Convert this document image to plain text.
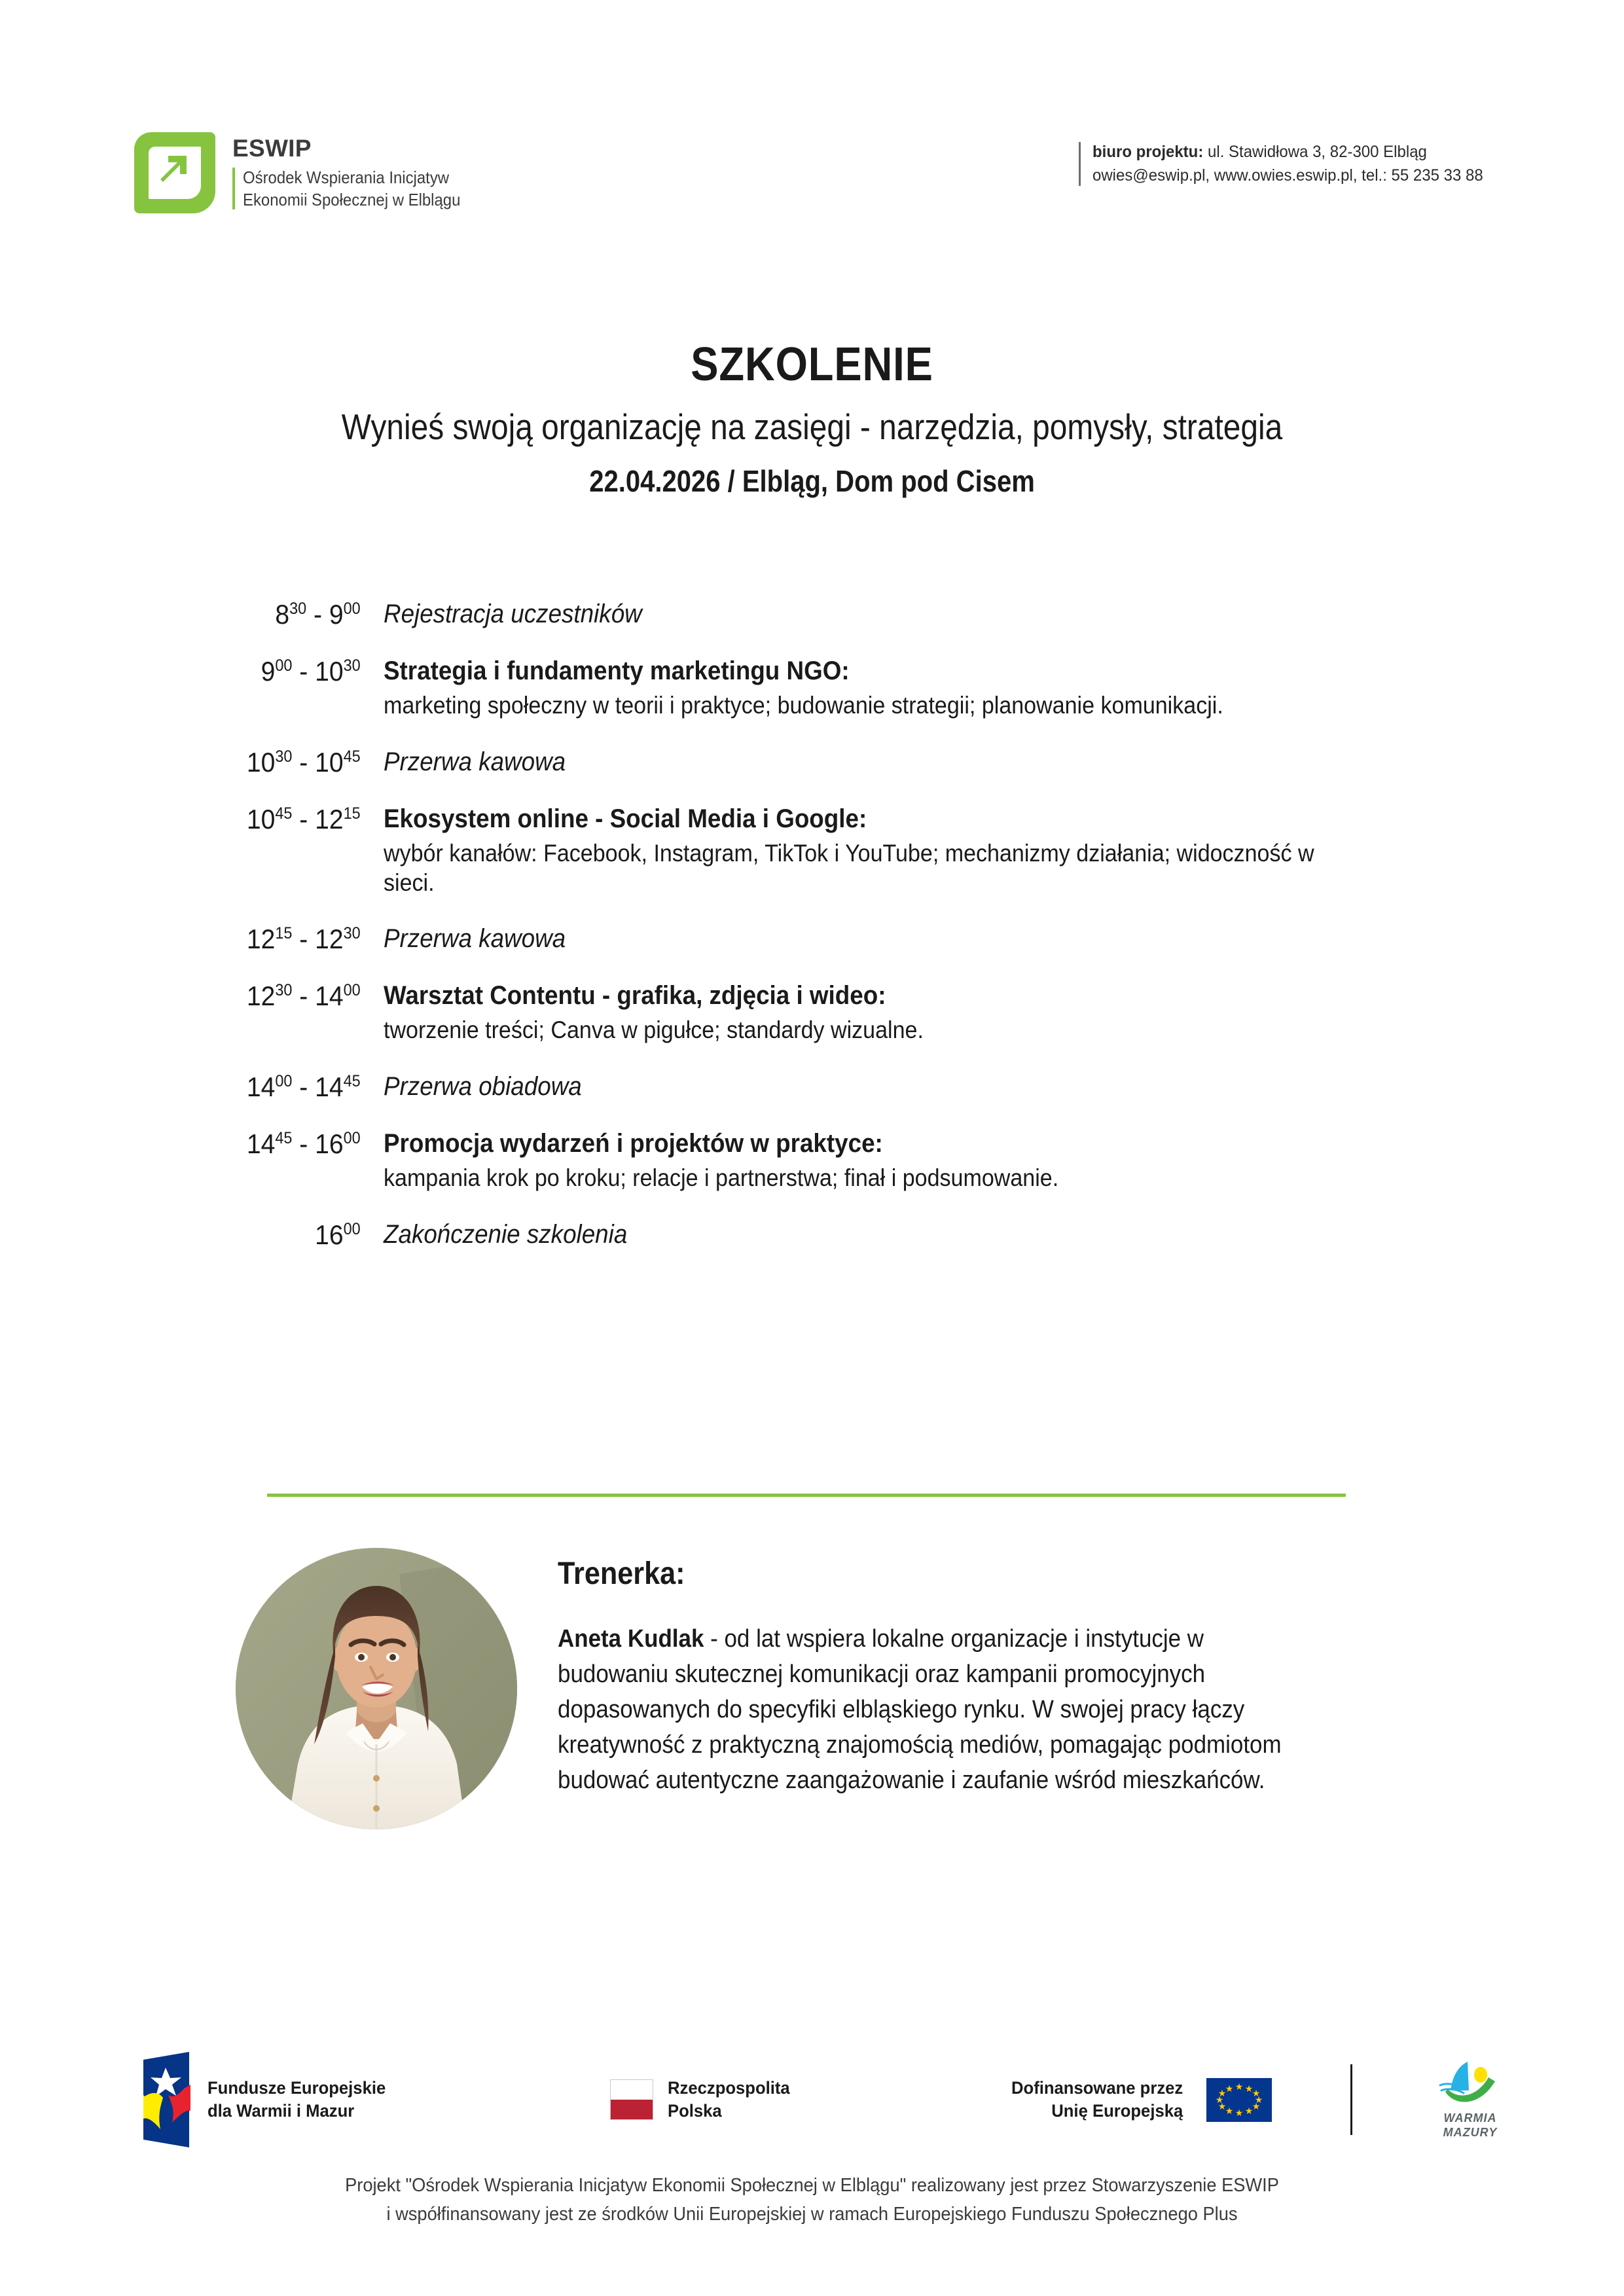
ESWIP
Ośrodek Wspierania Inicjatyw
Ekonomii Społecznej w Elblągu
biuro projektu: ul. Stawidłowa 3, 82-300 Elbląg
owies@eswip.pl, www.owies.eswip.pl, tel.: 55 235 33 88
SZKOLENIE
Wynieś swoją organizację na zasięgi - narzędzia, pomysły, strategia
22.04.2026 / Elbląg, Dom pod Cisem
$8^{30} - 9^{00}$ Rejestracja uczestników
$9^{00} - 10^{30}$ Strategia i fundamenty marketingu NGO:
marketing społeczny w teorii i praktyce; budowanie strategii; planowanie komunikacji.
$10^{30} - 10^{45}$ Przerwa kawowa
$10^{45} - 12^{15}$ Ekosystem online - Social Media i Google:
wybór kanałów: Facebook, Instagram, TikTok i YouTube; mechanizmy działania; widoczność w sieci.
$12^{15} - 12^{30}$ Przerwa kawowa
$12^{30} - 14^{00}$ Warsztat Contentu - grafika, zdjęcia i wideo:
tworzenie treści; Canva w pigułce; standardy wizualne.
$14^{00} - 14^{45}$ Przerwa obiadowa
$14^{45} - 16^{00}$ Promocja wydarzeń i projektów w praktyce:
kampania krok po kroku; relacje i partnerstwa; finał i podsumowanie.
$16^{00}$ Zakończenie szkolenia
Trenerka:
Aneta Kudlak - od lat wspiera lokalne organizacje i instytucje w budowaniu skutecznej komunikacji oraz kampanii promocyjnych dopasowanych do specyfiki elbląskiego rynku. W swojej pracy łączy kreatywność z praktyczną znajomością mediów, pomagając podmiotom budować autentyczne zaangażowanie i zaufanie wśród mieszkańców.
Fundusze Europejskie
dla Warmii i Mazur
Rzeczpospolita
Polska
Dofinansowane przez
Unię Europejską
★ ★
★
★
★
★
★
★
★
★
★
★
WARMIA
MAZURY
Projekt "Ośrodek Wspierania Inicjatyw Ekonomii Społecznej w Elblągu" realizowany jest przez Stowarzyszenie ESWIP
i współfinansowany jest ze środków Unii Europejskiej w ramach Europejskiego Funduszu Społecznego Plus
